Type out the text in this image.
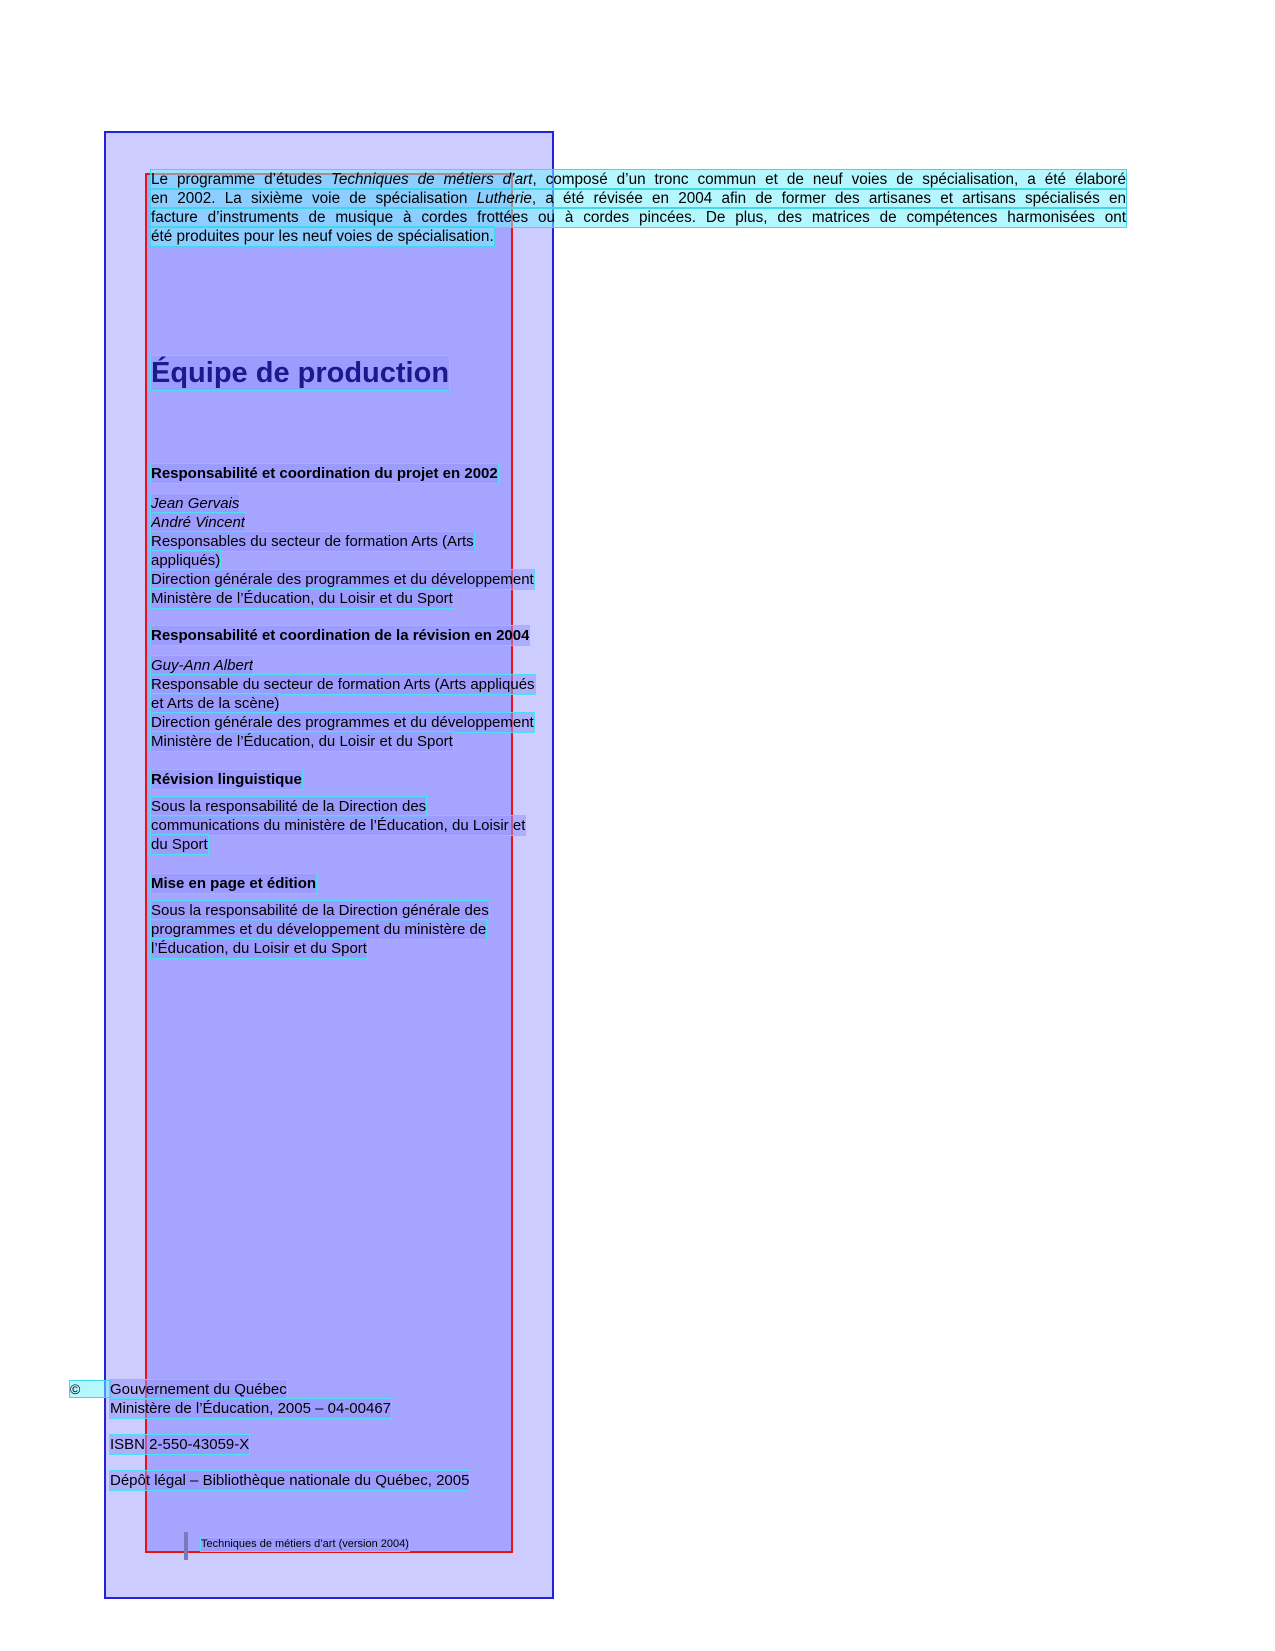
Le programme d’études Techniques de métiers d’art, composé d’un tronc commun et de neuf voies de spécialisation, a été élaboré
en 2002. La sixième voie de spécialisation Lutherie, a été révisée en 2004 afin de former des artisanes et artisans spécialisés en
facture d’instruments de musique à cordes frottées ou à cordes pincées. De plus, des matrices de compétences harmonisées ont
été produites pour les neuf voies de spécialisation.
Équipe de production
Responsabilité et coordination du projet en 2002
Jean Gervais
André Vincent
Responsables du secteur de formation Arts (Arts
appliqués)
Direction générale des programmes et du développement
Ministère de l’Éducation, du Loisir et du Sport
Responsabilité et coordination de la révision en 2004
Guy-Ann Albert
Responsable du secteur de formation Arts (Arts appliqués
et Arts de la scène)
Direction générale des programmes et du développement
Ministère de l’Éducation, du Loisir et du Sport
Révision linguistique
Sous la responsabilité de la Direction des
communications du ministère de l’Éducation, du Loisir et
du Sport
Mise en page et édition
Sous la responsabilité de la Direction générale des
programmes et du développement du ministère de
l’Éducation, du Loisir et du Sport
©	Gouvernement du Québec
Ministère de l’Éducation, 2005 – 04-00467
ISBN 2-550-43059-X
Dépôt légal – Bibliothèque nationale du Québec, 2005
Techniques de métiers d’art (version 2004)
